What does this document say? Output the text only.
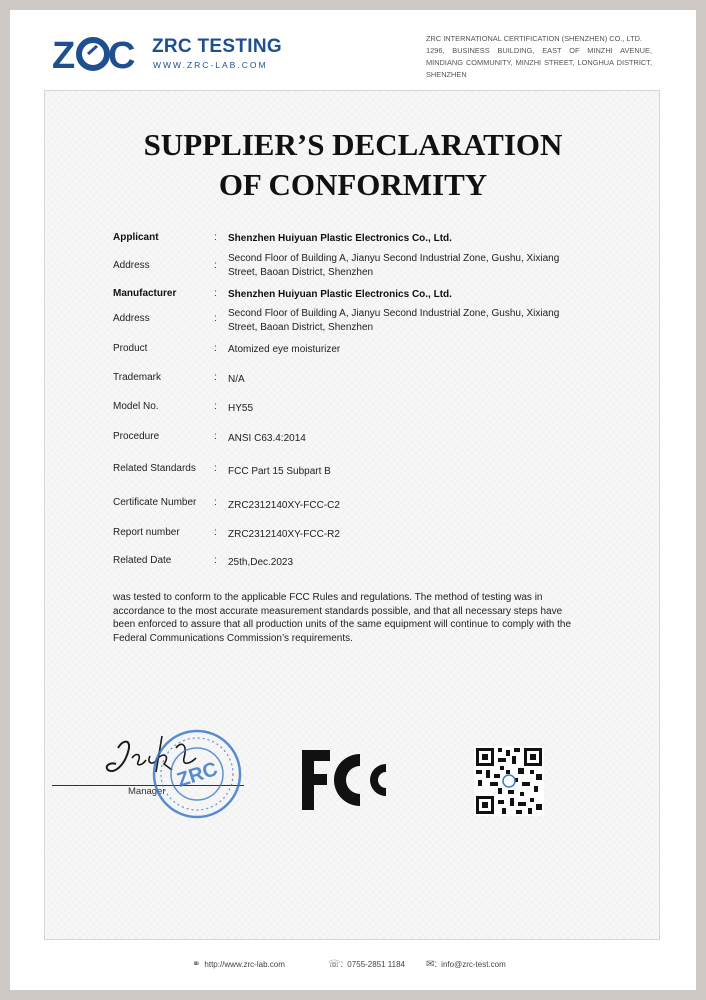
Z C ZRC TESTING
WWW.ZRC-LAB.COM
ZRC INTERNATIONAL CERTIFICATION (SHENZHEN) CO., LTD.
1296, BUSINESS BUILDING, EAST OF MINZHI AVENUE, MINDIANG COMMUNITY, MINZHI STREET, LONGHUA DISTRICT, SHENZHEN
SUPPLIER’S DECLARATION
OF CONFORMITY
Applicant	: Shenzhen Huiyuan Plastic Electronics Co., Ltd.
Address	:
Second Floor of Building A, Jianyu Second Industrial Zone, Gushu, Xixiang Street, Baoan District, Shenzhen
Manufacturer	: Shenzhen Huiyuan Plastic Electronics Co., Ltd.
Address	: Second Floor of Building A, Jianyu Second Industrial Zone, Gushu, Xixiang Street, Baoan District, Shenzhen
Product	: Atomized eye moisturizer
Trademark	: N/A
Model No.	: HY55
Procedure	: ANSI C63.4:2014
Related Standards : FCC Part 15 Subpart B
Certificate Number : ZRC2312140XY-FCC-C2
Report number	: ZRC2312140XY-FCC-R2
Related Date	: 25th,Dec.2023
was tested to conform to the applicable FCC Rules and regulations. The method of testing was in accordance to the most accurate measurement standards possible, and that all necessary steps have been enforced to assure that all production units of the same equipment will continue to comply with the Federal Communications Commission’s requirements.
Manager ZRC
⚭ http://www.zrc-lab.com	☏: 0755-2851 1184 ✉: info@zrc-test.com
